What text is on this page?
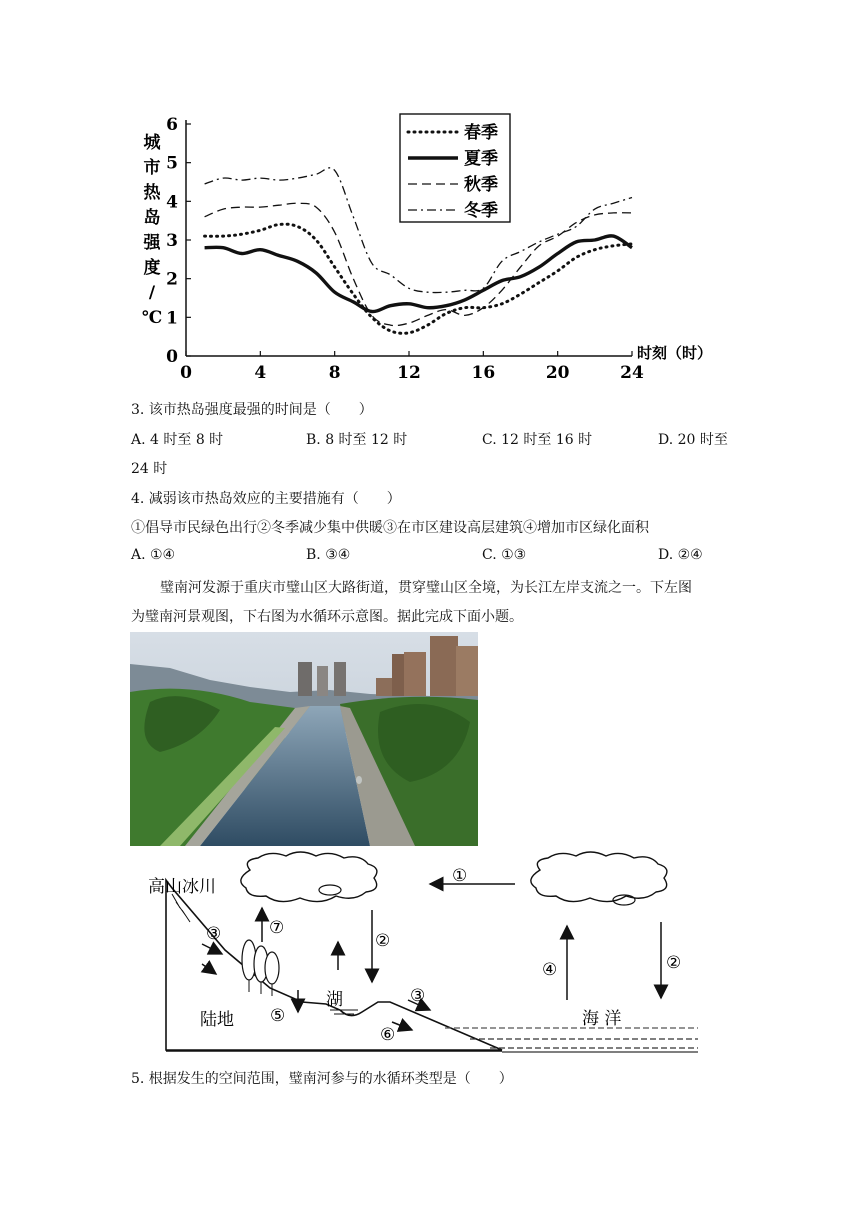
0	4	8	12	16	20	24
0
1
2
3
4
5
6	春季
夏季
秋季
冬季
城
市
热
岛
强
度
/
℃
时刻（时）
3. 该市热岛强度最强的时间是（　　）
A. 4 时至 8 时	B. 8 时至 12 时	C. 12 时至 16 时	D. 20 时至
24 时
4. 减弱该市热岛效应的主要措施有（　　）
①倡导市民绿色出行②冬季减少集中供暖③在市区建设高层建筑④增加市区绿化面积
A. ①④	B. ③④	C. ①③	D. ②④
璧南河发源于重庆市璧山区大路街道，贯穿璧山区全境，为长江左岸支流之一。下左图
为璧南河景观图，下右图为水循环示意图。据此完成下面小题。
高山冰川
陆地
湖
海 洋
①
②
②
③
③
④
⑤
⑥
⑦
5. 根据发生的空间范围，璧南河参与的水循环类型是（　　）
